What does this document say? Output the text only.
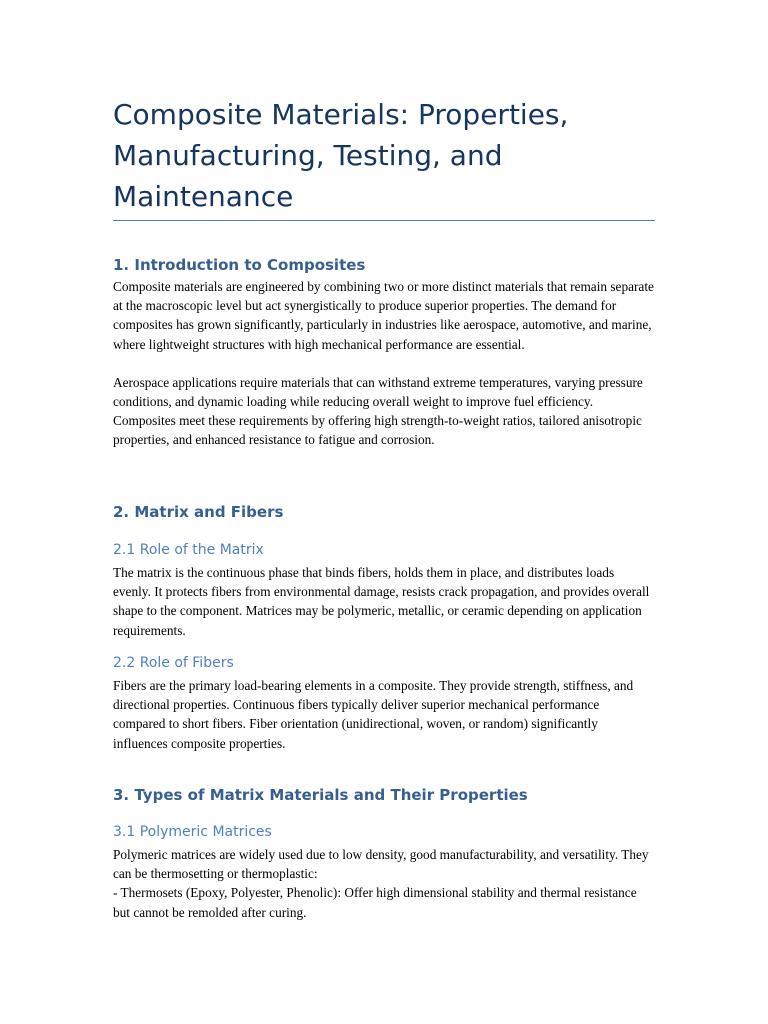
Composite Materials: Properties, Manufacturing, Testing, and Maintenance
1. Introduction to Composites

Composite materials are engineered by combining two or more distinct materials that remain separate at the macroscopic level but act synergistically to produce superior properties. The demand for composites has grown significantly, particularly in industries like aerospace, automotive, and marine, where lightweight structures with high mechanical performance are essential.

Aerospace applications require materials that can withstand extreme temperatures, varying pressure conditions, and dynamic loading while reducing overall weight to improve fuel efficiency. Composites meet these requirements by offering high strength-to-weight ratios, tailored anisotropic properties, and enhanced resistance to fatigue and corrosion.

2. Matrix and Fibers
2.1 Role of the Matrix

The matrix is the continuous phase that binds fibers, holds them in place, and distributes loads evenly. It protects fibers from environmental damage, resists crack propagation, and provides overall shape to the component. Matrices may be polymeric, metallic, or ceramic depending on application requirements.

2.2 Role of Fibers

Fibers are the primary load-bearing elements in a composite. They provide strength, stiffness, and directional properties. Continuous fibers typically deliver superior mechanical performance compared to short fibers. Fiber orientation (unidirectional, woven, or random) significantly influences composite properties.

3. Types of Matrix Materials and Their Properties
3.1 Polymeric Matrices

Polymeric matrices are widely used due to low density, good manufacturability, and versatility. They can be thermosetting or thermoplastic:

- Thermosets (Epoxy, Polyester, Phenolic): Offer high dimensional stability and thermal resistance but cannot be remolded after curing.
